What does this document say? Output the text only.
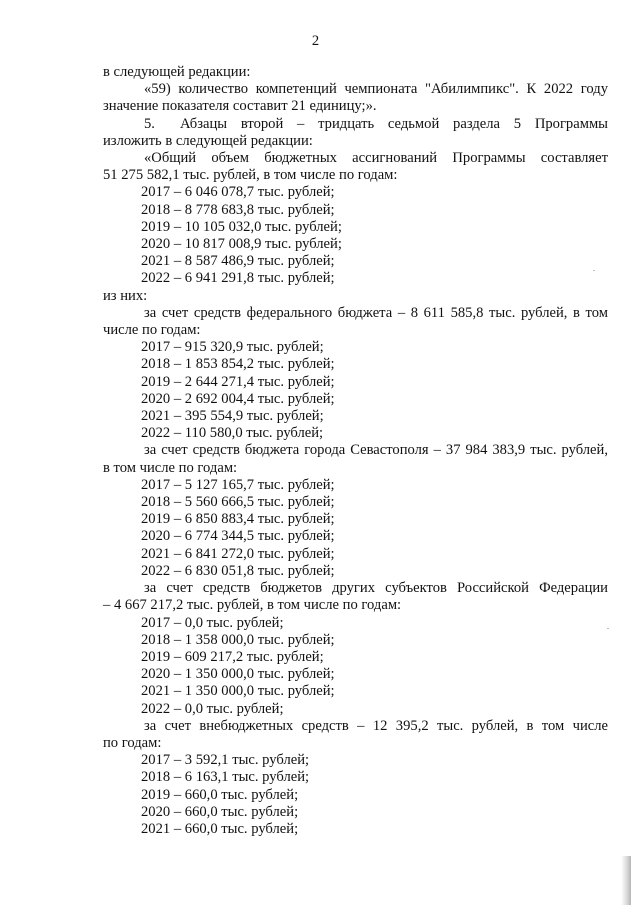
2
в следующей редакции:
«59) количество компетенций чемпионата "Абилимпикс". К 2022 году
значение показателя составит 21 единицу;».
5. Абзацы второй – тридцать седьмой раздела 5 Программы
изложить в следующей редакции:
«Общий объем бюджетных ассигнований Программы составляет
51 275 582,1 тыс. рублей, в том числе по годам:
2017 – 6 046 078,7 тыс. рублей;
2018 – 8 778 683,8 тыс. рублей;
2019 – 10 105 032,0 тыс. рублей;
2020 – 10 817 008,9 тыс. рублей;
2021 – 8 587 486,9 тыс. рублей;
2022 – 6 941 291,8 тыс. рублей;
из них:
за счет средств федерального бюджета – 8 611 585,8 тыс. рублей, в том
числе по годам:
2017 – 915 320,9 тыс. рублей;
2018 – 1 853 854,2 тыс. рублей;
2019 – 2 644 271,4 тыс. рублей;
2020 – 2 692 004,4 тыс. рублей;
2021 – 395 554,9 тыс. рублей;
2022 – 110 580,0 тыс. рублей;
за счет средств бюджета города Севастополя – 37 984 383,9 тыс. рублей,
в том числе по годам:
2017 – 5 127 165,7 тыс. рублей;
2018 – 5 560 666,5 тыс. рублей;
2019 – 6 850 883,4 тыс. рублей;
2020 – 6 774 344,5 тыс. рублей;
2021 – 6 841 272,0 тыс. рублей;
2022 – 6 830 051,8 тыс. рублей;
за счет средств бюджетов других субъектов Российской Федерации
– 4 667 217,2 тыс. рублей, в том числе по годам:
2017 – 0,0 тыс. рублей;
2018 – 1 358 000,0 тыс. рублей;
2019 – 609 217,2 тыс. рублей;
2020 – 1 350 000,0 тыс. рублей;
2021 – 1 350 000,0 тыс. рублей;
2022 – 0,0 тыс. рублей;
за счет внебюджетных средств – 12 395,2 тыс. рублей, в том числе
по годам:
2017 – 3 592,1 тыс. рублей;
2018 – 6 163,1 тыс. рублей;
2019 – 660,0 тыс. рублей;
2020 – 660,0 тыс. рублей;
2021 – 660,0 тыс. рублей;
